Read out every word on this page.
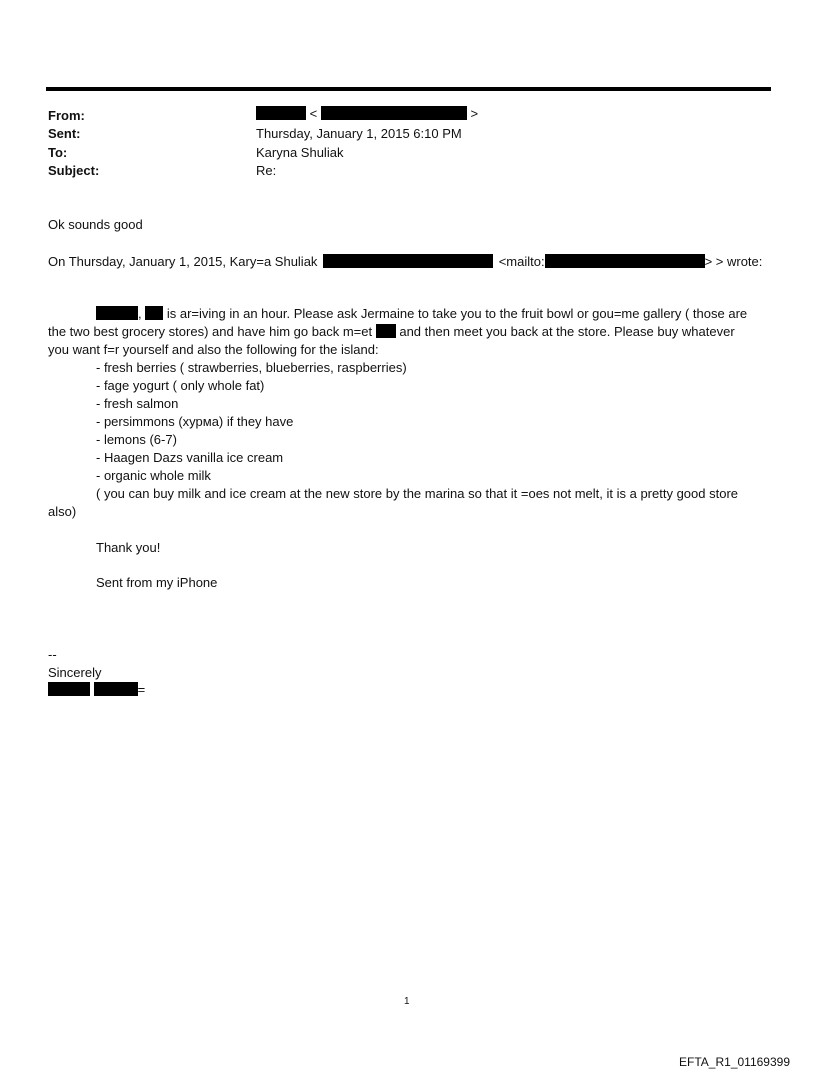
From:	<	>
Sent:	Thursday, January 1, 2015 6:10 PM
To:	Karyna Shuliak
Subject:	Re:
Ok sounds good
On Thursday, January 1, 2015, Kary=a Shuliak	<mailto:	> > wrote:
, is ar=iving in an hour. Please ask Jermaine to take you to the fruit bowl or gou=me gallery ( those are
the two best grocery stores) and have him go back m=et and then meet you back at the store. Please buy whatever
you want f=r yourself and also the following for the island:
- fresh berries ( strawberries, blueberries, raspberries)
- fage yogurt ( only whole fat)
- fresh salmon
- persimmons (хурма) if they have
- lemons (6-7)
- Haagen Dazs vanilla ice cream
- organic whole milk
( you can buy milk and ice cream at the new store by the marina so that it =oes not melt, it is a pretty good store
also)
Thank you!
Sent from my iPhone
--
Sincerely
=
1
EFTA_R1_01169399
